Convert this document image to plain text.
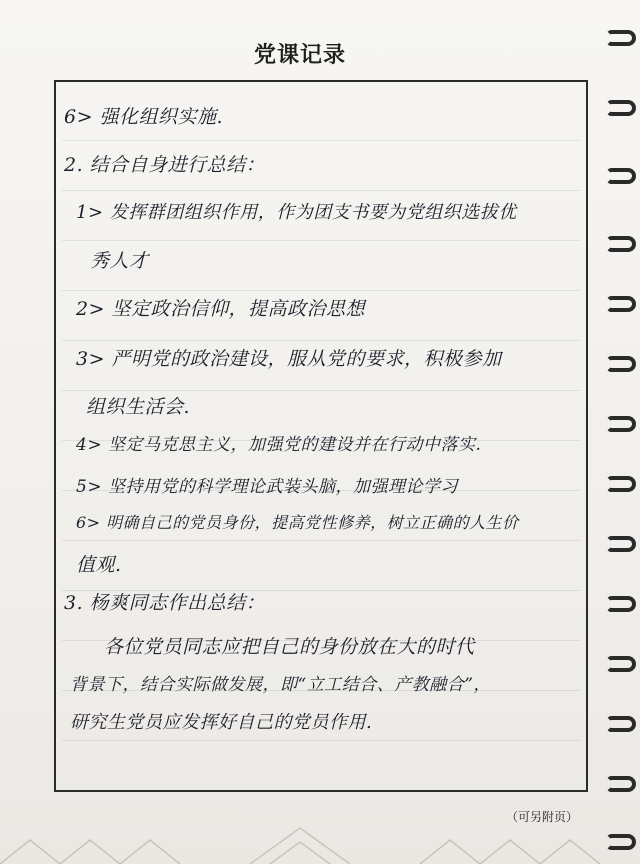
党课记录
6> 强化组织实施.
2. 结合自身进行总结：
1> 发挥群团组织作用，作为团支书要为党组织选拔优
秀人才
2> 坚定政治信仰，提高政治思想
3> 严明党的政治建设，服从党的要求，积极参加
组织生活会.
4> 坚定马克思主义，加强党的建设并在行动中落实.
5> 坚持用党的科学理论武装头脑，加强理论学习
6> 明确自己的党员身份，提高党性修养，树立正确的人生价
值观.
3. 杨爽同志作出总结：
各位党员同志应把自己的身份放在大的时代
背景下，结合实际做发展，即“立工结合、产教融合”，
研究生党员应发挥好自己的党员作用.
（可另附页）
